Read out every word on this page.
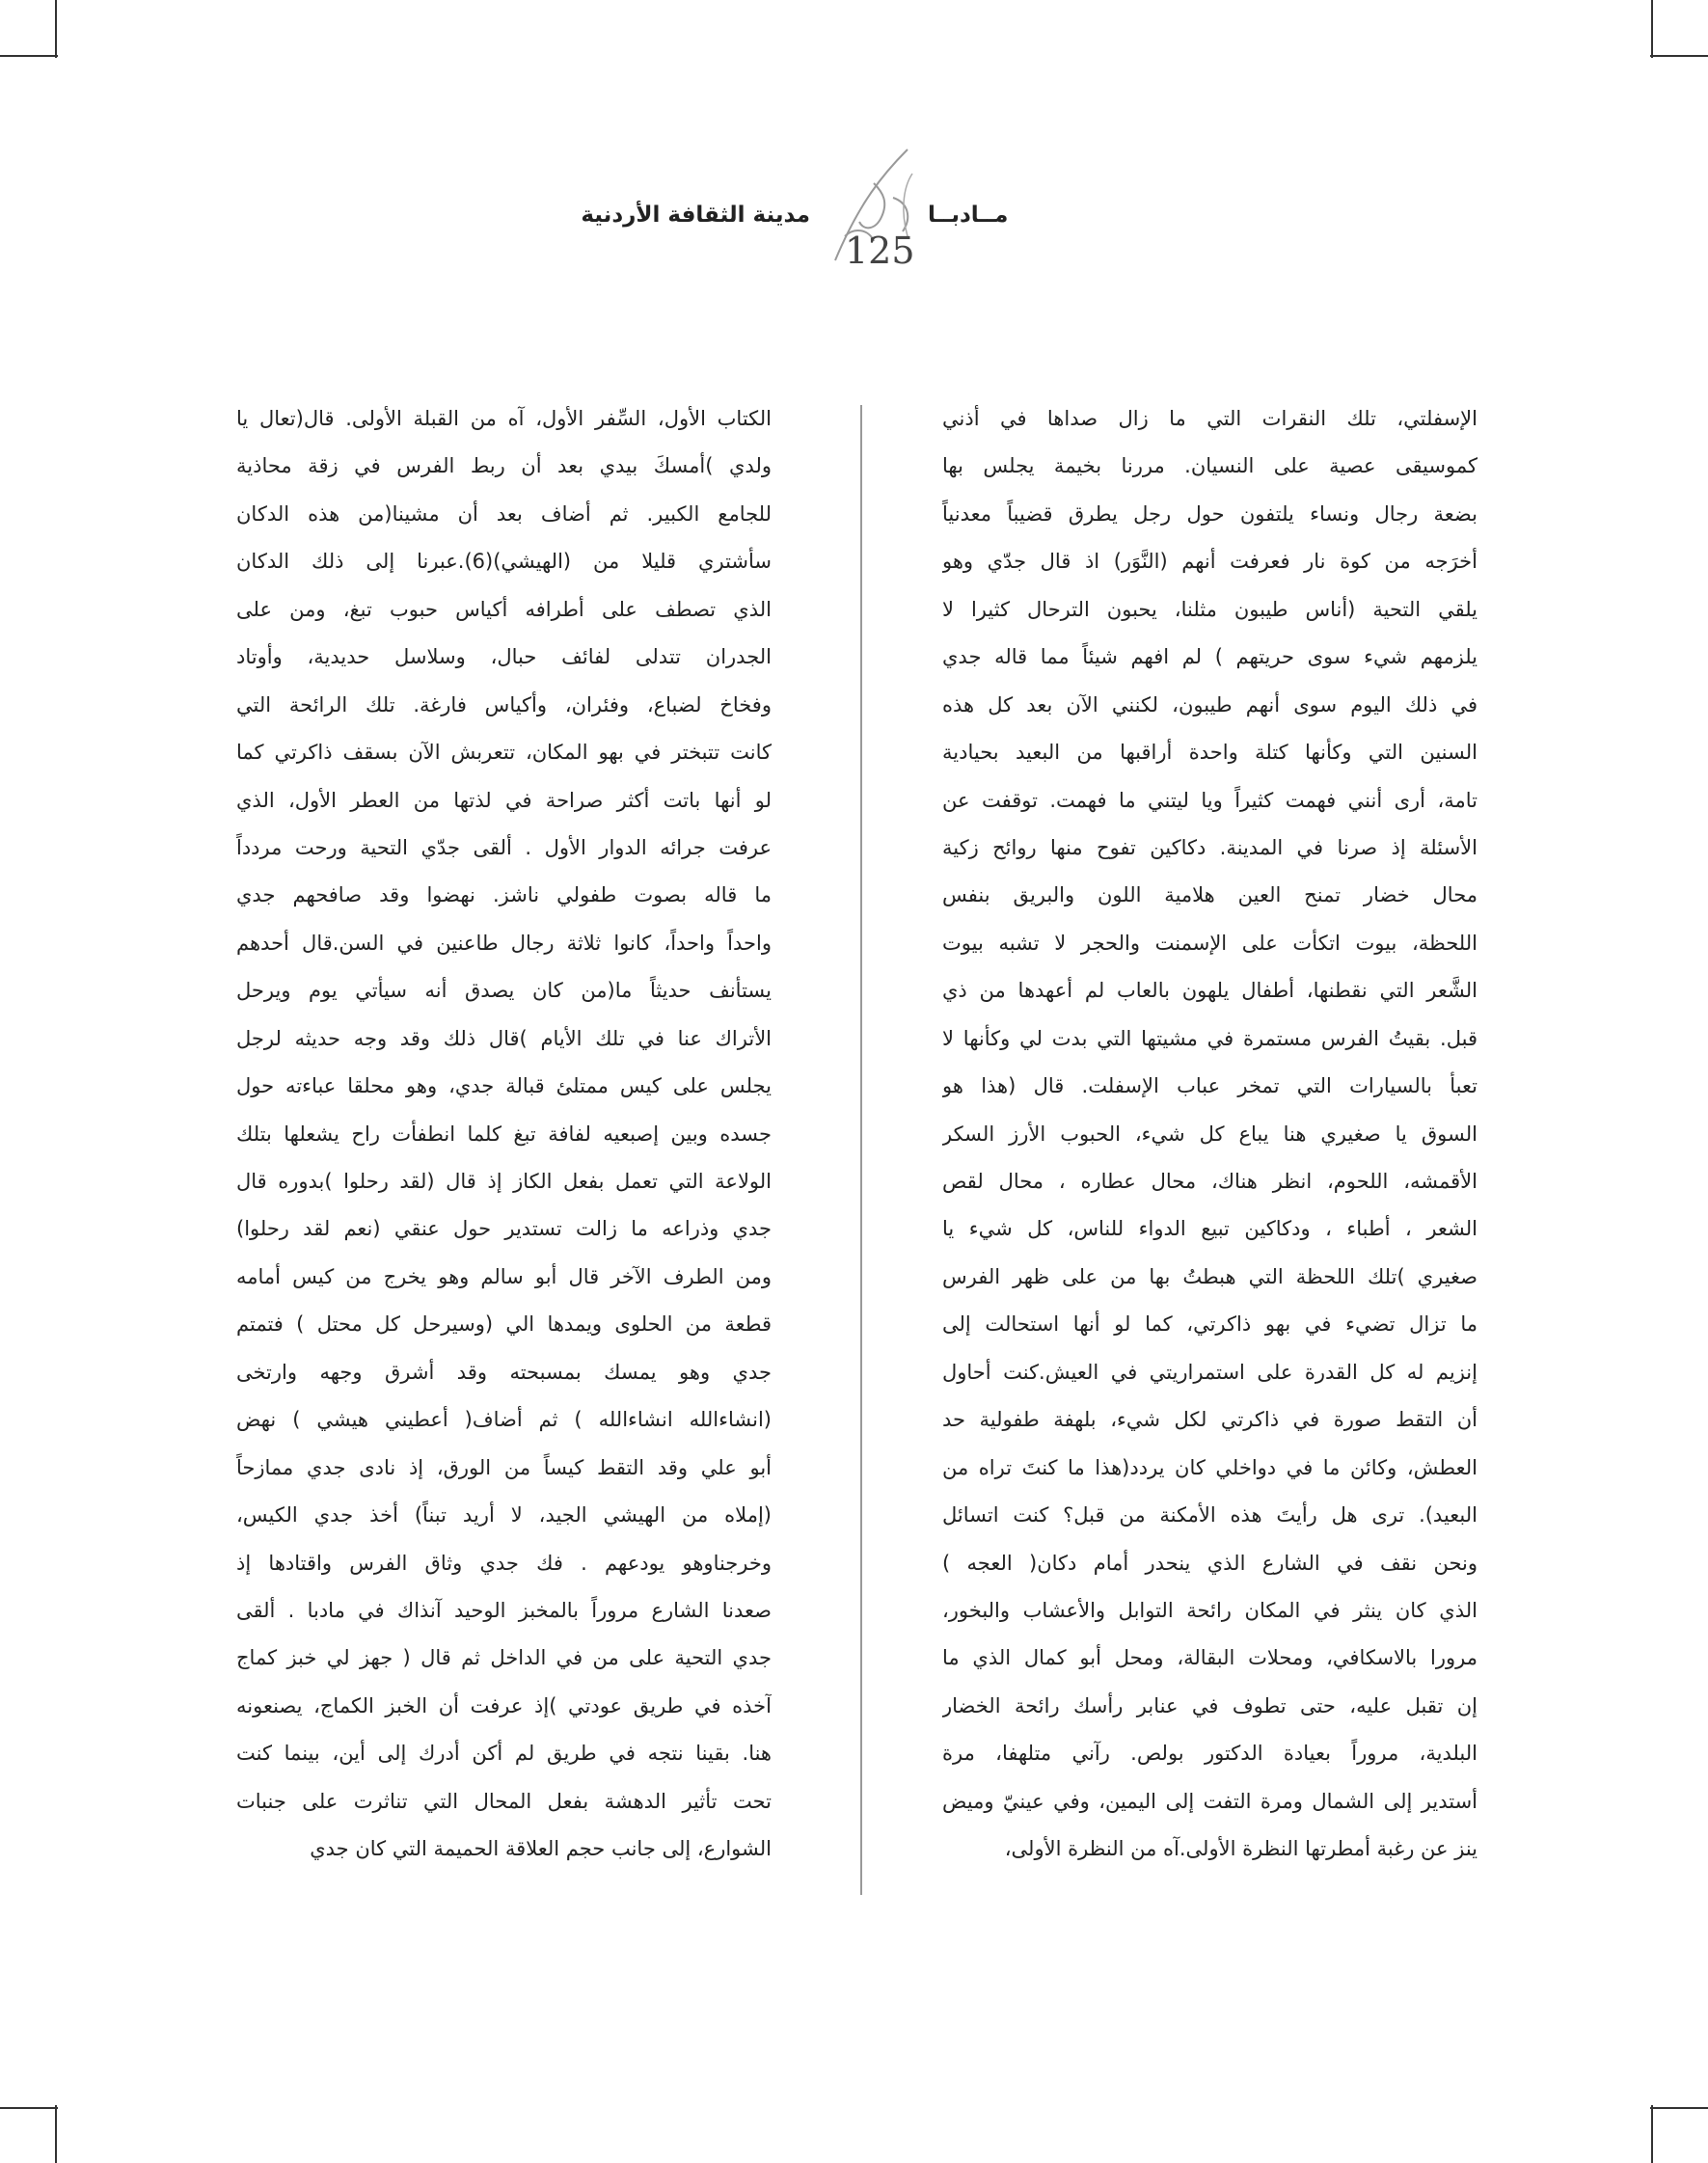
مدينة الثقافة الأردنية	مــادبــا
125
الإسفلتي، تلك النقرات التي ما زال صداها في أذني
كموسيقى عصية على النسيان. مررنا بخيمة يجلس بها
بضعة رجال ونساء يلتفون حول رجل يطرق قضيباً معدنياً
أخرَجه من كوة نار فعرفت أنهم (النَّوَر) اذ قال جدّي وهو
يلقي التحية (أناس طيبون مثلنا، يحبون الترحال كثيرا لا
يلزمهم شيء سوى حريتهم ) لم افهم شيئاً مما قاله جدي
في ذلك اليوم سوى أنهم طيبون، لكنني الآن بعد كل هذه
السنين التي وكأنها كتلة واحدة أراقبها من البعيد بحيادية
تامة، أرى أنني فهمت كثيراً ويا ليتني ما فهمت. توقفت عن
الأسئلة إذ صرنا في المدينة. دكاكين تفوح منها روائح زكية
محال خضار تمنح العين هلامية اللون والبريق بنفس
اللحظة، بيوت اتكأت على الإسمنت والحجر لا تشبه بيوت
الشَّعر التي نقطنها، أطفال يلهون بالعاب لم أعهدها من ذي
قبل. بقيتُ الفرس مستمرة في مشيتها التي بدت لي وكأنها لا
تعبأ بالسيارات التي تمخر عباب الإسفلت. قال (هذا هو
السوق يا صغيري هنا يباع كل شيء، الحبوب الأرز السكر
الأقمشه، اللحوم، انظر هناك، محال عطاره ، محال لقص
الشعر ، أطباء ، ودكاكين تبيع الدواء للناس، كل شيء يا
صغيري )تلك اللحظة التي هبطتُ بها من على ظهر الفرس
ما تزال تضيء في بهو ذاكرتي، كما لو أنها استحالت إلى
إنزيم له كل القدرة على استمراريتي في العيش.كنت أحاول
أن التقط صورة في ذاكرتي لكل شيء، بلهفة طفولية حد
العطش، وكائن ما في دواخلي كان يردد(هذا ما كنتَ تراه من
البعيد). ترى هل رأيتَ هذه الأمكنة من قبل؟ كنت اتسائل
ونحن نقف في الشارع الذي ينحدر أمام دكان( العجه )
الذي كان ينثر في المكان رائحة التوابل والأعشاب والبخور،
مرورا بالاسكافي، ومحلات البقالة، ومحل أبو كمال الذي ما
إن تقبل عليه، حتى تطوف في عنابر رأسك رائحة الخضار
البلدية، مروراً بعيادة الدكتور بولص. رآني متلهفا، مرة
أستدير إلى الشمال ومرة التفت إلى اليمين، وفي عينيّ وميض
ينز عن رغبة أمطرتها النظرة الأولى.آه من النظرة الأولى،
الكتاب الأول، السِّفر الأول، آه من القبلة الأولى. قال(تعال يا
ولدي )أمسكَ بيدي بعد أن ربط الفرس في زقة محاذية
للجامع الكبير. ثم أضاف بعد أن مشينا(من هذه الدكان
سأشتري قليلا من (الهيشي)(6).عبرنا إلى ذلك الدكان
الذي تصطف على أطرافه أكياس حبوب تبغ، ومن على
الجدران تتدلى لفائف حبال، وسلاسل حديدية، وأوتاد
وفخاخ لضباع، وفئران، وأكياس فارغة. تلك الرائحة التي
كانت تتبختر في بهو المكان، تتعربش الآن بسقف ذاكرتي كما
لو أنها باتت أكثر صراحة في لذتها من العطر الأول، الذي
عرفت جرائه الدوار الأول . ألقى جدّي التحية ورحت مردداً
ما قاله بصوت طفولي ناشز. نهضوا وقد صافحهم جدي
واحداً واحداً، كانوا ثلاثة رجال طاعنين في السن.قال أحدهم
يستأنف حديثاً ما(من كان يصدق أنه سيأتي يوم ويرحل
الأتراك عنا في تلك الأيام )قال ذلك وقد وجه حديثه لرجل
يجلس على كيس ممتلئ قبالة جدي، وهو محلقا عباءته حول
جسده وبين إصبعيه لفافة تبغ كلما انطفأت راح يشعلها بتلك
الولاعة التي تعمل بفعل الكاز إذ قال (لقد رحلوا )بدوره قال
جدي وذراعه ما زالت تستدير حول عنقي (نعم لقد رحلوا)
ومن الطرف الآخر قال أبو سالم وهو يخرج من كيس أمامه
قطعة من الحلوى ويمدها الي (وسيرحل كل محتل ) فتمتم
جدي وهو يمسك بمسبحته وقد أشرق وجهه وارتخى
(انشاءالله انشاءالله ) ثم أضاف( أعطيني هيشي ) نهض
أبو علي وقد التقط كيساً من الورق، إذ نادى جدي ممازحاً
(إملاه من الهيشي الجيد، لا أريد تبناً) أخذ جدي الكيس،
وخرجناوهو يودعهم . فك جدي وثاق الفرس واقتادها إذ
صعدنا الشارع مروراً بالمخبز الوحيد آنذاك في مادبا . ألقى
جدي التحية على من في الداخل ثم قال ( جهز لي خبز كماج
آخذه في طريق عودتي )إذ عرفت أن الخبز الكماج، يصنعونه
هنا. بقينا نتجه في طريق لم أكن أدرك إلى أين، بينما كنت
تحت تأثير الدهشة بفعل المحال التي تناثرت على جنبات
الشوارع، إلى جانب حجم العلاقة الحميمة التي كان جدي
